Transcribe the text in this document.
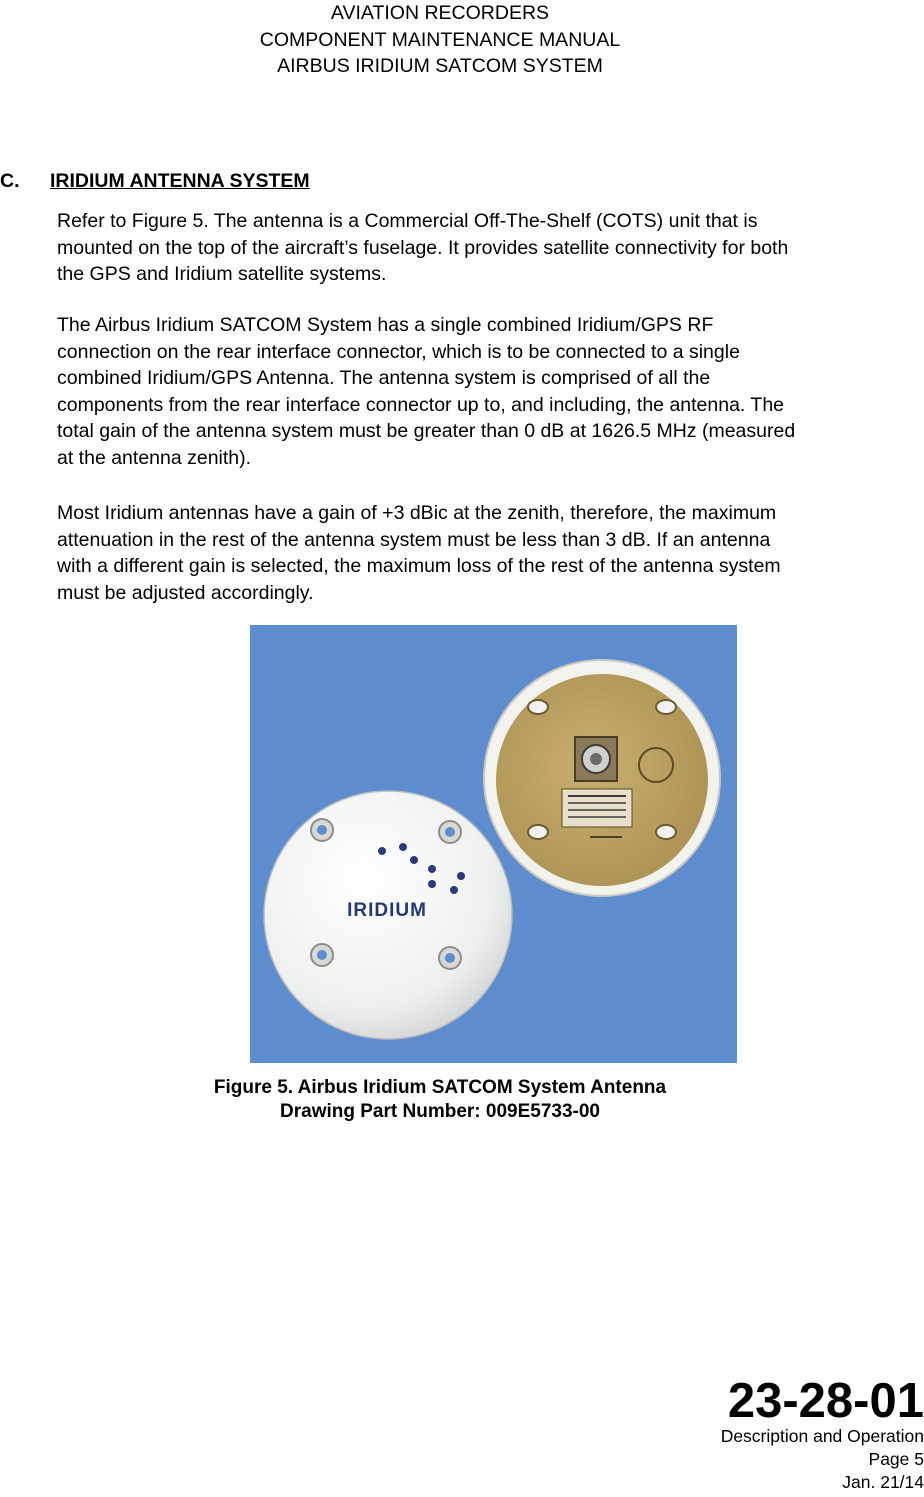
AVIATION RECORDERS
COMPONENT MAINTENANCE MANUAL
AIRBUS IRIDIUM SATCOM SYSTEM
C. IRIDIUM ANTENNA SYSTEM
Refer to Figure 5. The antenna is a Commercial Off-The-Shelf (COTS) unit that is
mounted on the top of the aircraft’s fuselage. It provides satellite connectivity for both
the GPS and Iridium satellite systems.
The Airbus Iridium SATCOM System has a single combined Iridium/GPS RF
connection on the rear interface connector, which is to be connected to a single
combined Iridium/GPS Antenna. The antenna system is comprised of all the
components from the rear interface connector up to, and including, the antenna. The
total gain of the antenna system must be greater than 0 dB at 1626.5 MHz (measured
at the antenna zenith).
Most Iridium antennas have a gain of +3 dBic at the zenith, therefore, the maximum
attenuation in the rest of the antenna system must be less than 3 dB. If an antenna
with a different gain is selected, the maximum loss of the rest of the antenna system
must be adjusted accordingly.
IRIDIUM
Figure 5. Airbus Iridium SATCOM System Antenna
Drawing Part Number: 009E5733-00
23-28-01
Description and Operation
Page 5
Jan. 21/14
